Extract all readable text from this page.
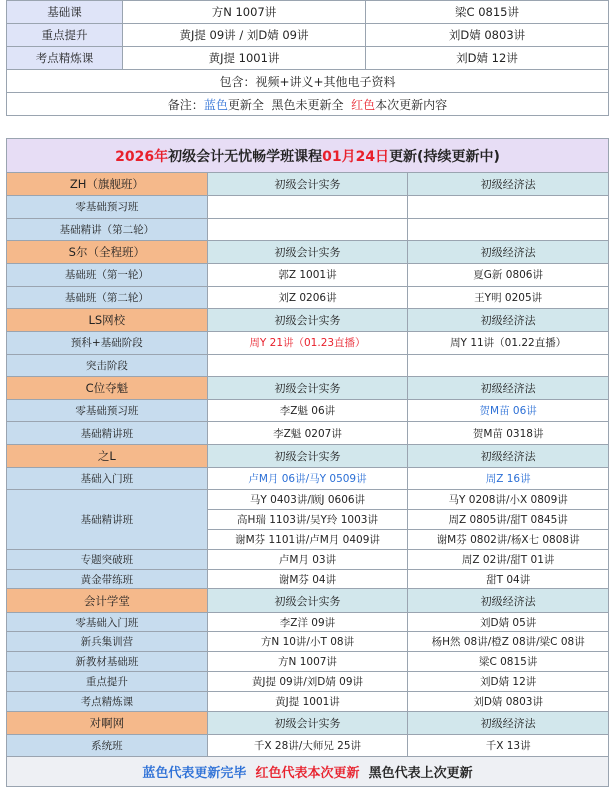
基础课	方N 1007讲	梁C 0815讲
重点提升	黄J提 09讲 / 刘D婧 09讲	刘D婧 0803讲
考点精炼课	黄J提 1001讲	刘D婧 12讲
包含：视频+讲义+其他电子资料		
备注：蓝色更新全 黑色未更新全 红色本次更新内容		
2026年初级会计无忧畅学班课程01月24日更新(持续更新中)		
ZH（旗舰班）	初级会计实务	初级经济法
零基础预习班		
基础精讲（第二轮）		
S尔（全程班）	初级会计实务	初级经济法
基础班（第一轮）	郭Z 1001讲	夏G新 0806讲
基础班（第二轮）	刘Z 0206讲	王Y明 0205讲
LS网校	初级会计实务	初级经济法
预科+基础阶段	周Y 21讲（01.23直播）	周Y 11讲（01.22直播）
突击阶段		
C位夺魁	初级会计实务	初级经济法
零基础预习班	李Z魁 06讲	贺M苗 06讲
基础精讲班	李Z魁 0207讲	贺M苗 0318讲
之L	初级会计实务	初级经济法
基础入门班	卢M月 06讲/马Y 0509讲	周Z 16讲
基础精讲班	马Y 0403讲/顾J 0606讲	马Y 0208讲/小X 0809讲
	高H瑞 1103讲/吴Y玲 1003讲	周Z 0805讲/甜T 0845讲
	谢M芬 1101讲/卢M月 0409讲	谢M芬 0802讲/杨X七 0808讲
专题突破班	卢M月 03讲	周Z 02讲/甜T 01讲
黄金带练班	谢M芬 04讲	甜T 04讲
会计学堂	初级会计实务	初级经济法
零基础入门班	李Z洋 09讲	刘D婧 05讲
新兵集训营	方N 10讲/小T 08讲	杨H然 08讲/橙Z 08讲/梁C 08讲
新教材基础班	方N 1007讲	梁C 0815讲
重点提升	黄J提 09讲/刘D婧 09讲	刘D婧 12讲
考点精炼课	黄J提 1001讲	刘D婧 0803讲
对啊网	初级会计实务	初级经济法
系统班	千X 28讲/大师兄 25讲	千X 13讲
蓝色代表更新完毕 红色代表本次更新 黑色代表上次更新		
